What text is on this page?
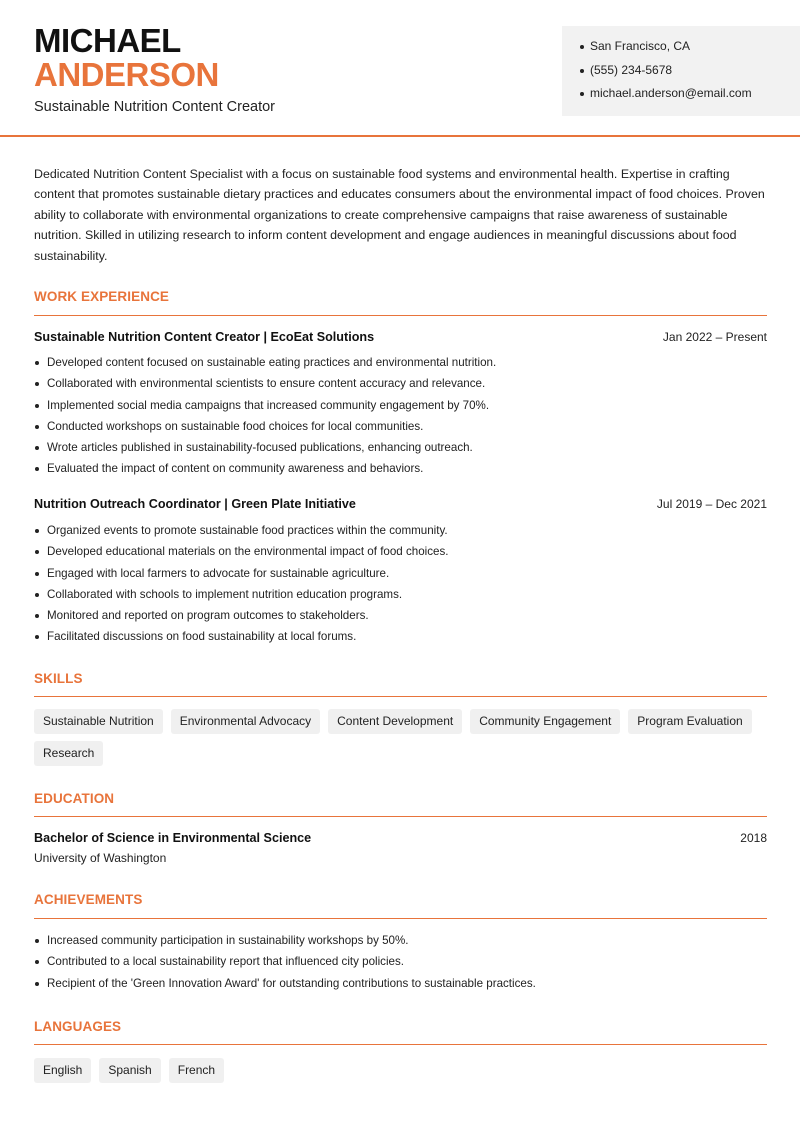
MICHAEL
ANDERSON
Sustainable Nutrition Content Creator
San Francisco, CA
(555) 234-5678
michael.anderson@email.com

Dedicated Nutrition Content Specialist with a focus on sustainable food systems and environmental health. Expertise in crafting content that promotes sustainable dietary practices and educates consumers about the environmental impact of food choices. Proven ability to collaborate with environmental organizations to create comprehensive campaigns that raise awareness of sustainable nutrition. Skilled in utilizing research to inform content development and engage audiences in meaningful discussions about food sustainability.

WORK EXPERIENCE
Sustainable Nutrition Content Creator | EcoEat Solutions	Jan 2022 – Present
Developed content focused on sustainable eating practices and environmental nutrition.
Collaborated with environmental scientists to ensure content accuracy and relevance.
Implemented social media campaigns that increased community engagement by 70%.
Conducted workshops on sustainable food choices for local communities.
Wrote articles published in sustainability-focused publications, enhancing outreach.
Evaluated the impact of content on community awareness and behaviors.
Nutrition Outreach Coordinator | Green Plate Initiative	Jul 2019 – Dec 2021
Organized events to promote sustainable food practices within the community.
Developed educational materials on the environmental impact of food choices.
Engaged with local farmers to advocate for sustainable agriculture.
Collaborated with schools to implement nutrition education programs.
Monitored and reported on program outcomes to stakeholders.
Facilitated discussions on food sustainability at local forums.
SKILLS
Sustainable Nutrition	Environmental Advocacy	Content Development	Community Engagement	Program Evaluation
Research
EDUCATION
Bachelor of Science in Environmental Science	2018
University of Washington
ACHIEVEMENTS
Increased community participation in sustainability workshops by 50%.
Contributed to a local sustainability report that influenced city policies.
Recipient of the 'Green Innovation Award' for outstanding contributions to sustainable practices.
LANGUAGES
English	Spanish	French
